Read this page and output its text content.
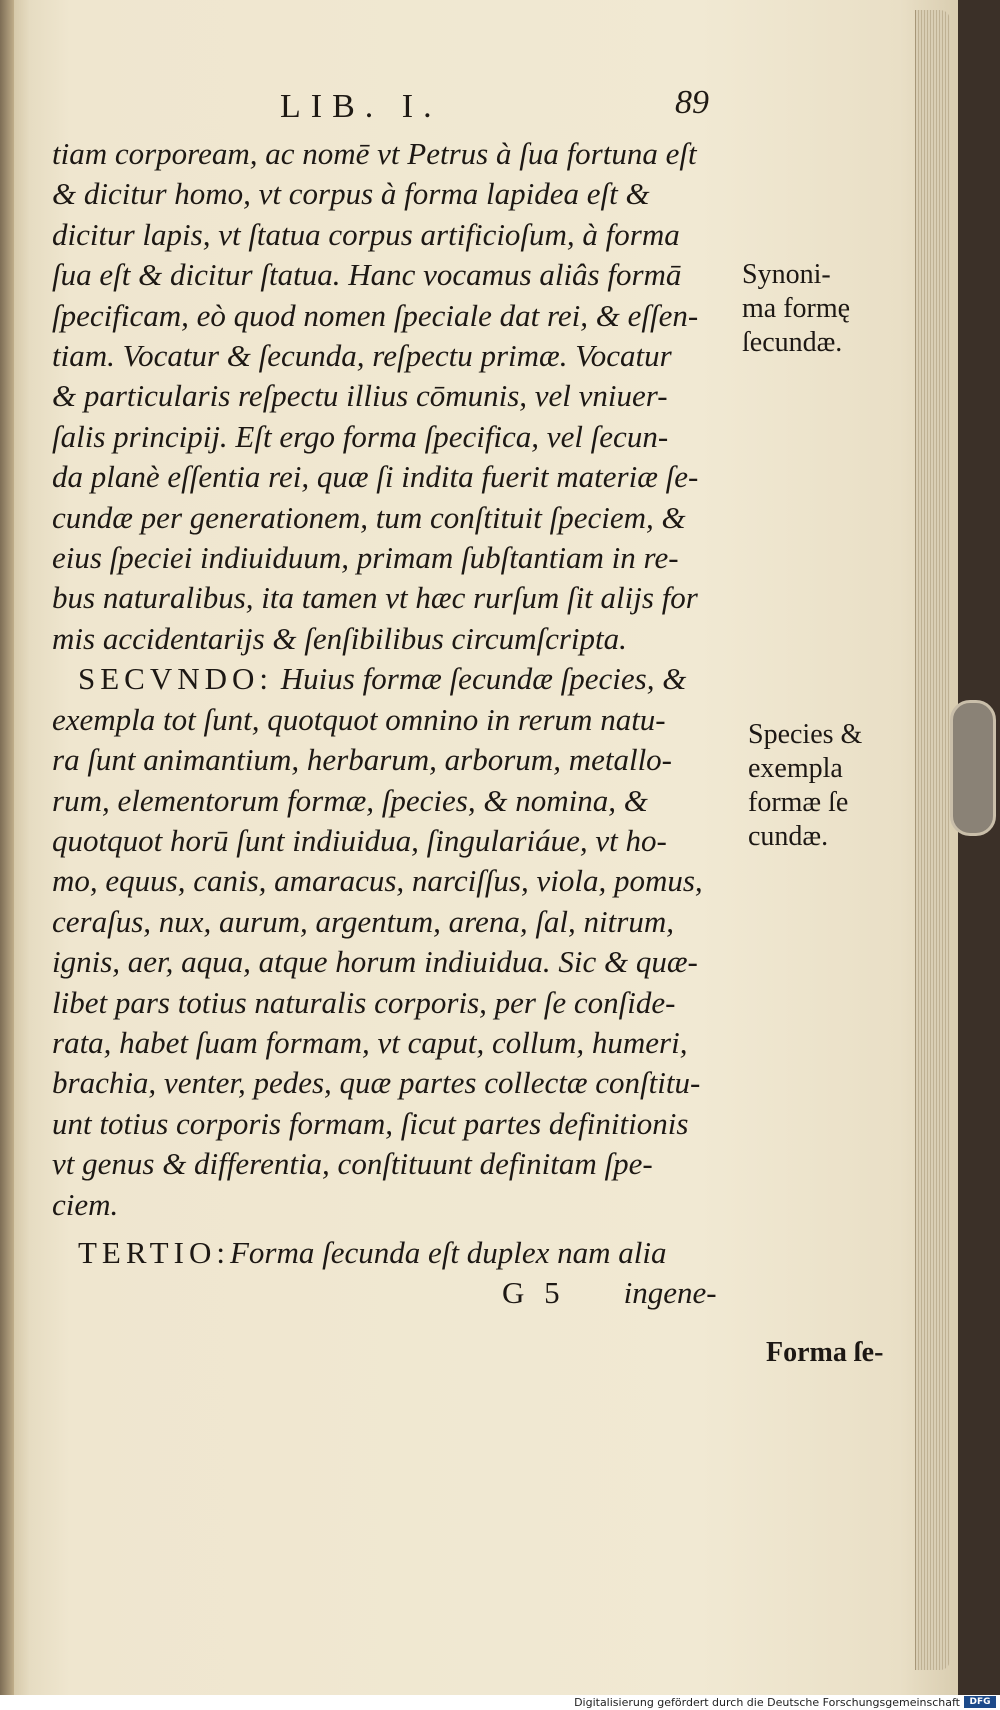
LIB. I.	89
tiam corpoream, ac nomē vt Petrus à ſua fortuna eſt
& dicitur homo, vt corpus à forma lapidea eſt &
dicitur lapis, vt ſtatua corpus artificioſum, à forma
ſua eſt & dicitur ſtatua. Hanc vocamus aliâs formā
ſpecificam, eò quod nomen ſpeciale dat rei, & eſſen-
tiam. Vocatur & ſecunda, reſpectu primæ. Vocatur
& particularis reſpectu illius cōmunis, vel vniuer-
ſalis principij. Eſt ergo forma ſpecifica, vel ſecun-
da planè eſſentia rei, quæ ſi indita fuerit materiæ ſe-
cundæ per generationem, tum conſtituit ſpeciem, &
eius ſpeciei indiuiduum, primam ſubſtantiam in re-
bus naturalibus, ita tamen vt hæc rurſum ſit alijs for
mis accidentarijs & ſenſibilibus circumſcripta.
SECVNDO: Huius formæ ſecundæ ſpecies, &
exempla tot ſunt, quotquot omnino in rerum natu-
ra ſunt animantium, herbarum, arborum, metallo-
rum, elementorum formæ, ſpecies, & nomina, &
quotquot horū ſunt indiuidua, ſingulariáue, vt ho-
mo, equus, canis, amaracus, narciſſus, viola, pomus,
ceraſus, nux, aurum, argentum, arena, ſal, nitrum,
ignis, aer, aqua, atque horum indiuidua. Sic & quæ-
libet pars totius naturalis corporis, per ſe conſide-
rata, habet ſuam formam, vt caput, collum, humeri,
brachia, venter, pedes, quæ partes collectæ conſtitu-
unt totius corporis formam, ſicut partes definitionis
vt genus & differentia, conſtituunt definitam ſpe-
ciem.
TERTIO:Forma ſecunda eſt duplex nam alia
G 5 ingene-
Synoni-
ma formę
ſecundæ.
Species &
exempla
formæ ſe
cundæ.
Forma ſe-
Digitalisierung gefördert durch die Deutsche Forschungsgemeinschaft	DFG
